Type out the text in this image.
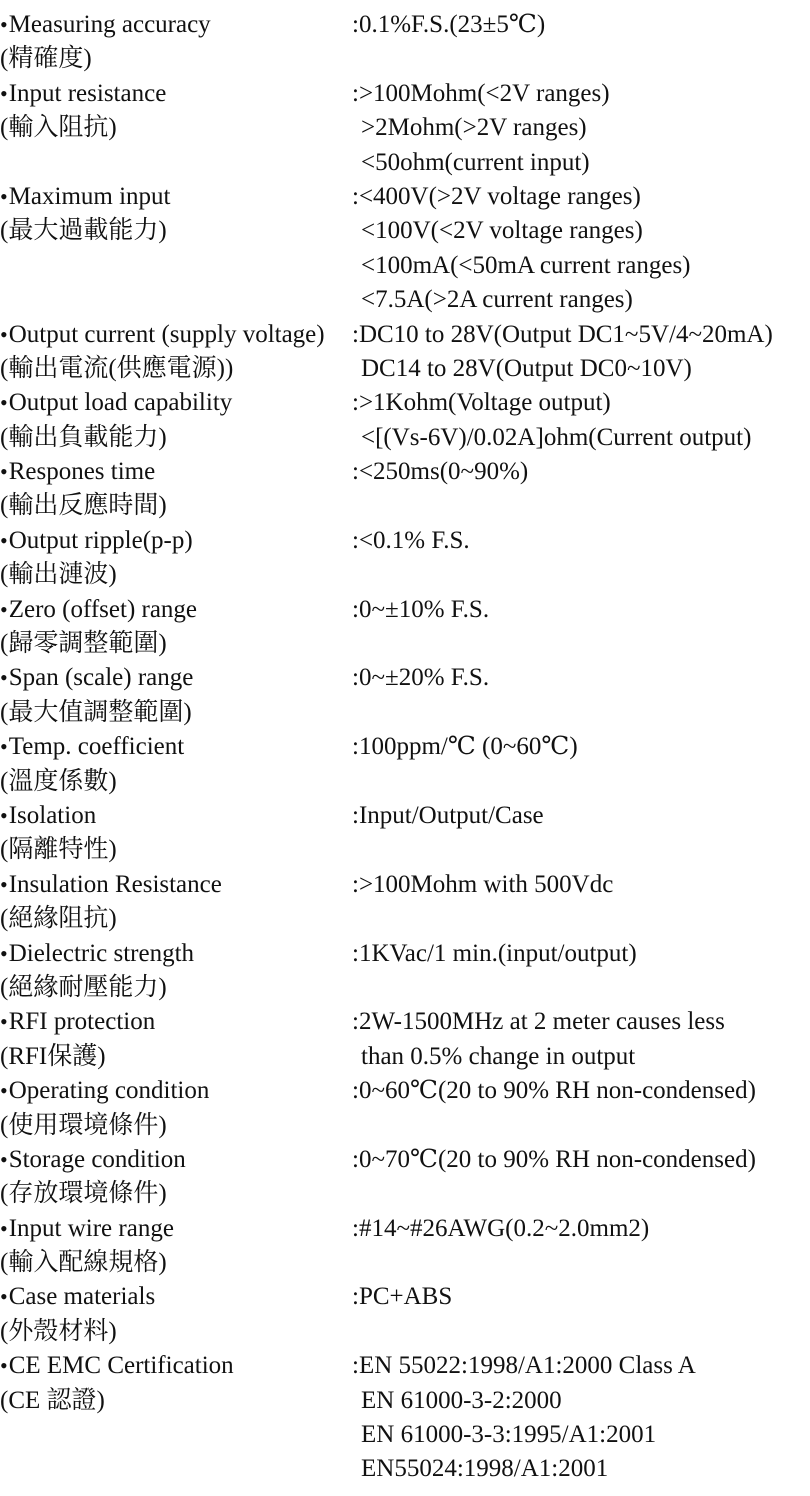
• Measuring accuracy
(精確度)
:0.1%F.S.(23±5℃)
• Input resistance
(輸入阻抗)
:>100Mohm(<2V ranges)
>2Mohm(>2V ranges)
<50ohm(current input)
• Maximum input
(最大過載能力)
:<400V(>2V voltage ranges)
<100V(<2V voltage ranges)
<100mA(<50mA current ranges)
<7.5A(>2A current ranges)
• Output current (supply voltage)
(輸出電流(供應電源))
:DC10 to 28V(Output DC1~5V/4~20mA)
DC14 to 28V(Output DC0~10V)
• Output load capability
(輸出負載能力)
:>1Kohm(Voltage output)
<[(Vs-6V)/0.02A]ohm(Current output)
• Respones time
(輸出反應時間)
:<250ms(0~90%)
• Output ripple(p-p)
(輸出漣波)
:<0.1% F.S.
• Zero (offset) range
(歸零調整範圍)
:0~±10% F.S.
• Span (scale) range
(最大值調整範圍)
:0~±20% F.S.
• Temp. coefficient
(溫度係數)
:100ppm/℃ (0~60℃)
• Isolation
(隔離特性)
:Input/Output/Case
• Insulation Resistance
(絕緣阻抗)
:>100Mohm with 500Vdc
• Dielectric strength
(絕緣耐壓能力)
:1KVac/1 min.(input/output)
• RFI protection
(RFI保護)
:2W-1500MHz at 2 meter causes less
than 0.5% change in output
• Operating condition
(使用環境條件)
:0~60℃(20 to 90% RH non-condensed)
• Storage condition
(存放環境條件)
:0~70℃(20 to 90% RH non-condensed)
• Input wire range
(輸入配線規格)
:#14~#26AWG(0.2~2.0mm2)
• Case materials
(外殼材料)
:PC+ABS
• CE EMC Certification
(CE 認證)
:EN 55022:1998/A1:2000 Class A
EN 61000-3-2:2000
EN 61000-3-3:1995/A1:2001
EN55024:1998/A1:2001
